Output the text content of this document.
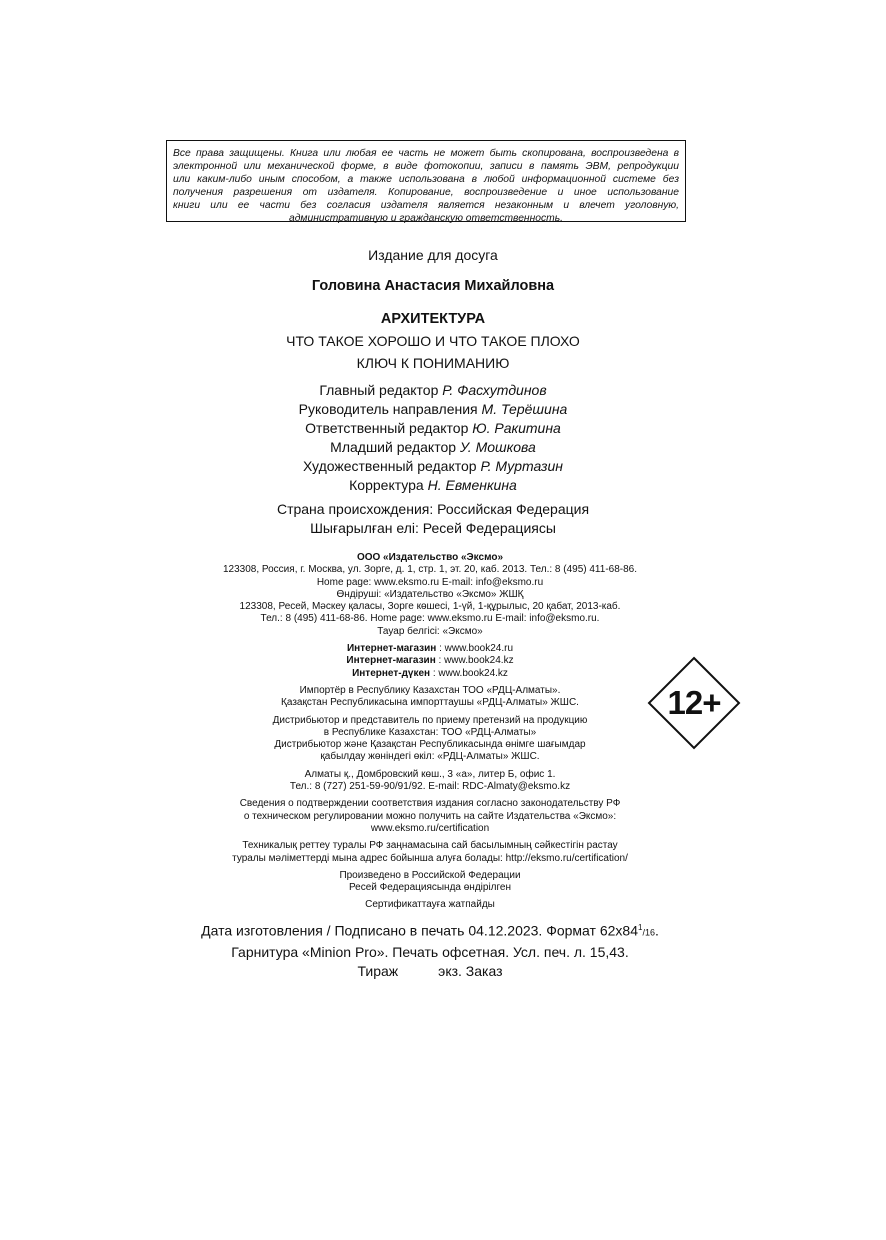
Все права защищены. Книга или любая ее часть не может быть скопирована, воспроизведена в
электронной или механической форме, в виде фотокопии, записи в память ЭВМ, репродукции
или каким-либо иным способом, а также использована в любой информационной системе без
получения разрешения от издателя. Копирование, воспроизведение и иное использование
книги или ее части без согласия издателя является незаконным и влечет уголовную,
административную и гражданскую ответственность.
Издание для досуга
Головина Анастасия Михайловна
АРХИТЕКТУРА
ЧТО ТАКОЕ ХОРОШО И ЧТО ТАКОЕ ПЛОХО
КЛЮЧ К ПОНИМАНИЮ
Главный редактор Р. Фасхутдинов
Руководитель направления М. Терёшина
Ответственный редактор Ю. Ракитина
Младший редактор У. Мошкова
Художественный редактор Р. Муртазин
Корректура Н. Евменкина
Страна происхождения: Российская Федерация
Шығарылған елі: Ресей Федерациясы
ООО «Издательство «Эксмо»
123308, Россия, г. Москва, ул. Зорге, д. 1, стр. 1, эт. 20, каб. 2013. Тел.: 8 (495) 411-68-86.
Home page: www.eksmo.ru E-mail: info@eksmo.ru
Өндіруші: «Издательство «Эксмо» ЖШҚ
123308, Ресей, Мәскеу қаласы, Зорге көшесі, 1-үй, 1-құрылыс, 20 қабат, 2013-каб.
Тел.: 8 (495) 411-68-86. Home page: www.eksmo.ru E-mail: info@eksmo.ru.
Тауар белгісі: «Эксмо»
Интернет-магазин : www.book24.ru
Интернет-магазин : www.book24.kz
Интернет-дүкен : www.book24.kz
Импортёр в Республику Казахстан ТОО «РДЦ-Алматы».
Қазақстан Республикасына импорттаушы «РДЦ-Алматы» ЖШС.
Дистрибьютор и представитель по приему претензий на продукцию
в Республике Казахстан: ТОО «РДЦ-Алматы»
Дистрибьютор және Қазақстан Республикасында өнімге шағымдар
қабылдау жөніндегі өкіл: «РДЦ-Алматы» ЖШС.
Алматы қ., Домбровский көш., 3 «а», литер Б, офис 1.
Тел.: 8 (727) 251-59-90/91/92. E-mail: RDC-Almaty@eksmo.kz
Сведения о подтверждении соответствия издания согласно законодательству РФ
о техническом регулировании можно получить на сайте Издательства «Эксмо»:
www.eksmo.ru/certification
Техникалық реттеу туралы РФ заңнамасына сай басылымның сәйкестігін растау
туралы мәліметтерді мына адрес бойынша алуға болады: http://eksmo.ru/certification/
Произведено в Российской Федерации
Ресей Федерациясында өндірілген
Сертификаттауға жатпайды
Дата изготовления / Подписано в печать 04.12.2023. Формат $62х84^1/16$.
Гарнитура «Minion Pro». Печать офсетная. Усл. печ. л. 15,43.
Тираж	экз. Заказ
12+
